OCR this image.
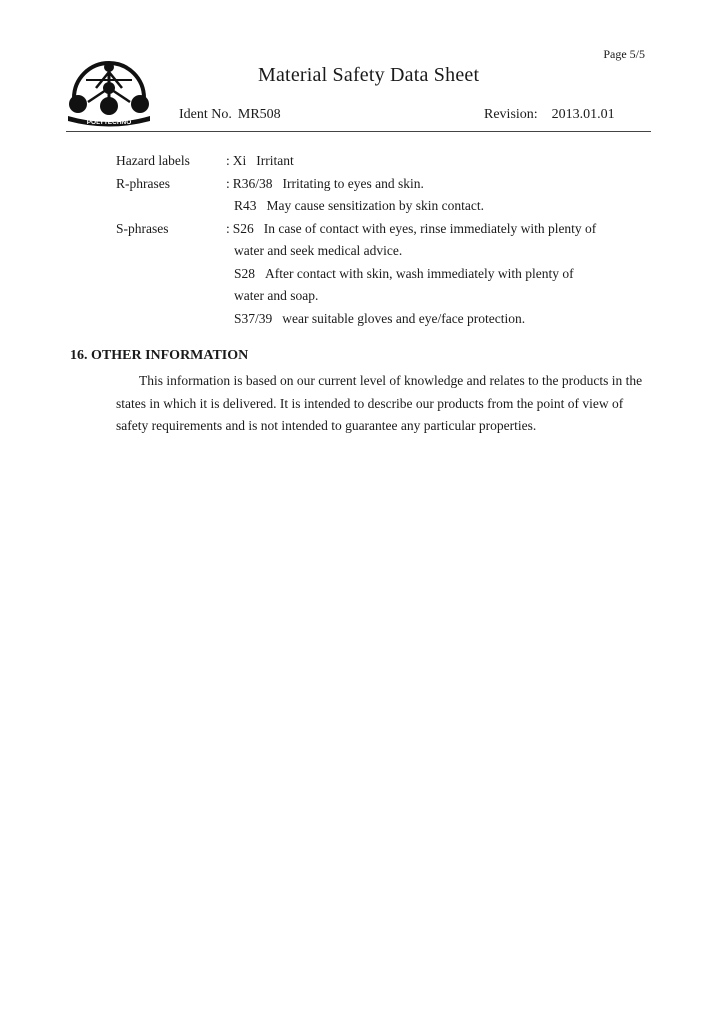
Page 5/5
POLYTECHNO
Material Safety Data Sheet
Ident No. MR508	Revision: 2013.01.01
Hazard labels	: Xi Irritant
R-phrases	: R36/38 Irritating to eyes and skin.
R43 May cause sensitization by skin contact.
S-phrases	: S26 In case of contact with eyes, rinse immediately with plenty of
water and seek medical advice.
S28 After contact with skin, wash immediately with plenty of
water and soap.
S37/39 wear suitable gloves and eye/face protection.
16. OTHER INFORMATION
This information is based on our current level of knowledge and relates to the products in the states in which it is delivered. It is intended to describe our products from the point of view of safety requirements and is not intended to guarantee any particular properties.
